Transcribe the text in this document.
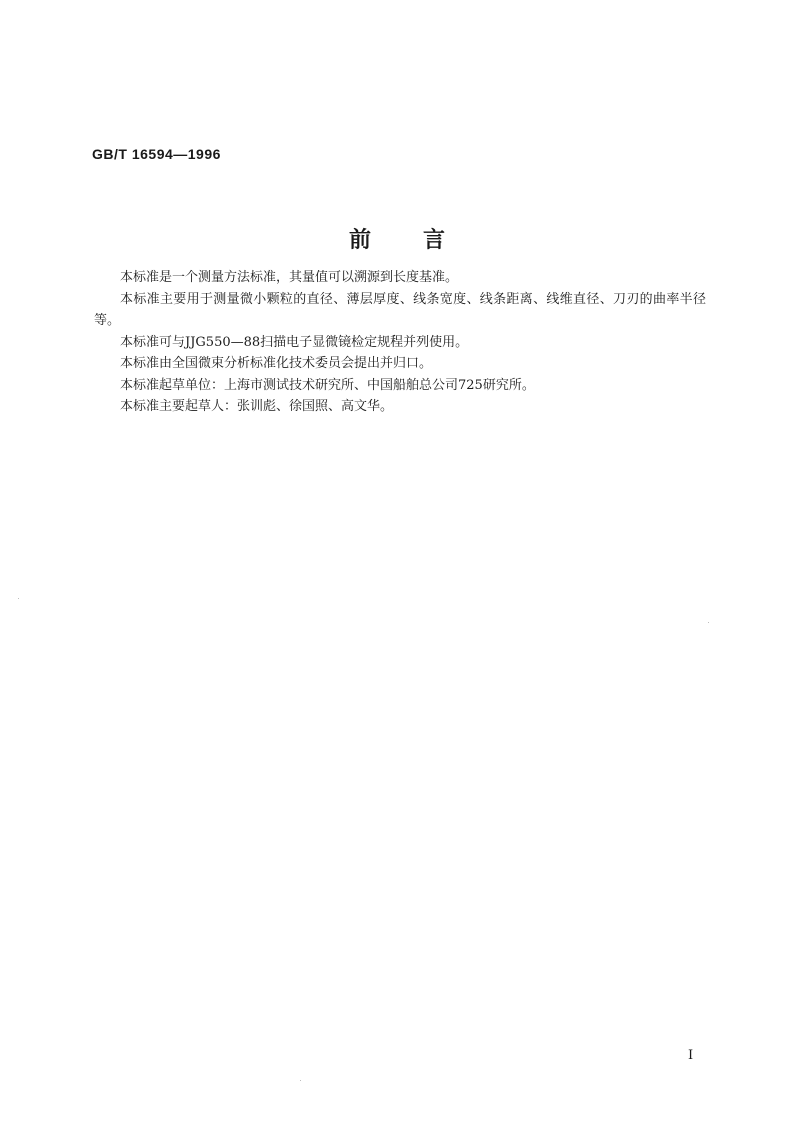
GB/T 16594—1996
前言

本标准是一个测量方法标准，其量值可以溯源到长度基准。

本标准主要用于测量微小颗粒的直径、薄层厚度、线条宽度、线条距离、线维直径、刀刃的曲率半径等。

本标准可与JJG550—88扫描电子显微镜检定规程并列使用。

本标准由全国微束分析标准化技术委员会提出并归口。

本标准起草单位：上海市测试技术研究所、中国船舶总公司725研究所。

本标准主要起草人：张训彪、徐国照、高文华。

I
